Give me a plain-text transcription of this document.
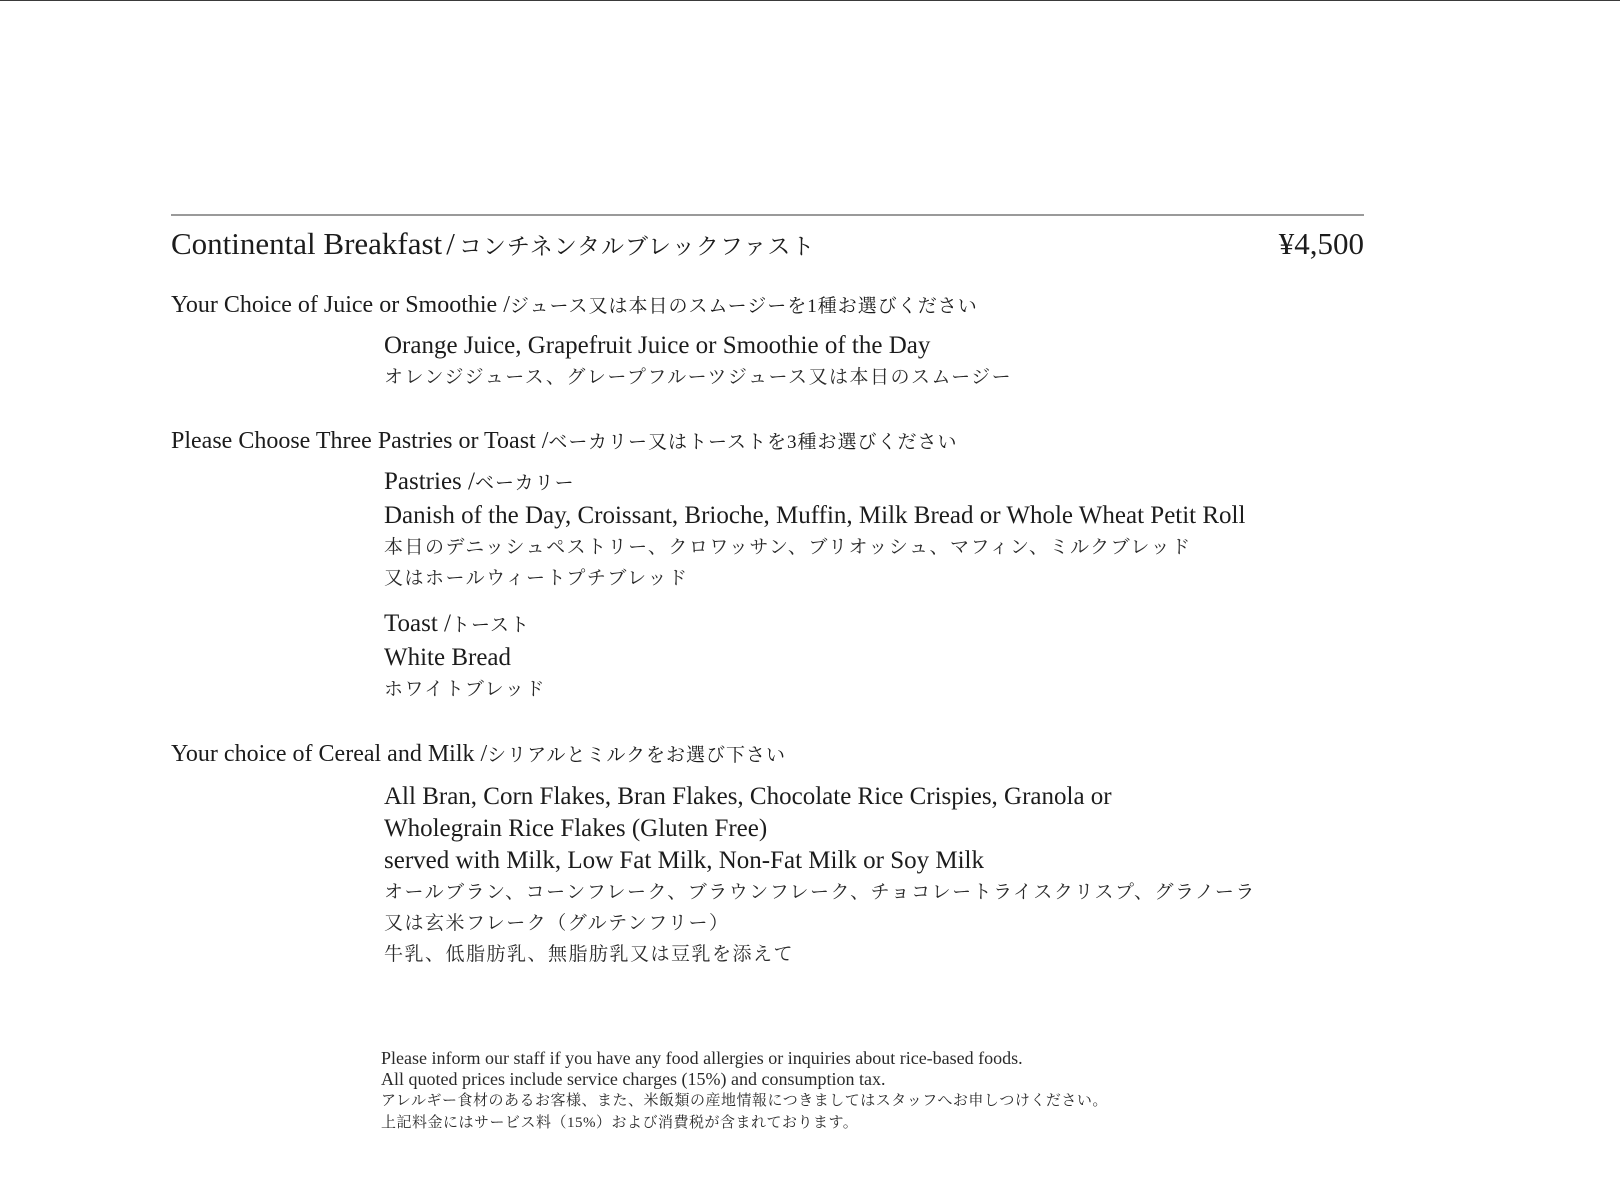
Continental Breakfast / コンチネンタルブレックファスト	¥4,500
Your Choice of Juice or Smoothie /ジュース又は本日のスムージーを1種お選びください
Orange Juice, Grapefruit Juice or Smoothie of the Day
オレンジジュース、グレープフルーツジュース又は本日のスムージー
Please Choose Three Pastries or Toast /ベーカリー又はトーストを3種お選びください
Pastries /ベーカリー
Danish of the Day, Croissant, Brioche, Muffin, Milk Bread or Whole Wheat Petit Roll
本日のデニッシュペストリー、クロワッサン、ブリオッシュ、マフィン、ミルクブレッド
又はホールウィートプチブレッド
Toast /トースト
White Bread
ホワイトブレッド
Your choice of Cereal and Milk /シリアルとミルクをお選び下さい
All Bran, Corn Flakes, Bran Flakes, Chocolate Rice Crispies, Granola or
Wholegrain Rice Flakes (Gluten Free)
served with Milk, Low Fat Milk, Non-Fat Milk or Soy Milk
オールブラン、コーンフレーク、ブラウンフレーク、チョコレートライスクリスプ、グラノーラ
又は玄米フレーク（グルテンフリー）
牛乳、低脂肪乳、無脂肪乳又は豆乳を添えて
Please inform our staff if you have any food allergies or inquiries about rice-based foods.
All quoted prices include service charges (15%) and consumption tax.
アレルギー食材のあるお客様、また、米飯類の産地情報につきましてはスタッフへお申しつけください。
上記料金にはサービス料（15%）および消費税が含まれております。
